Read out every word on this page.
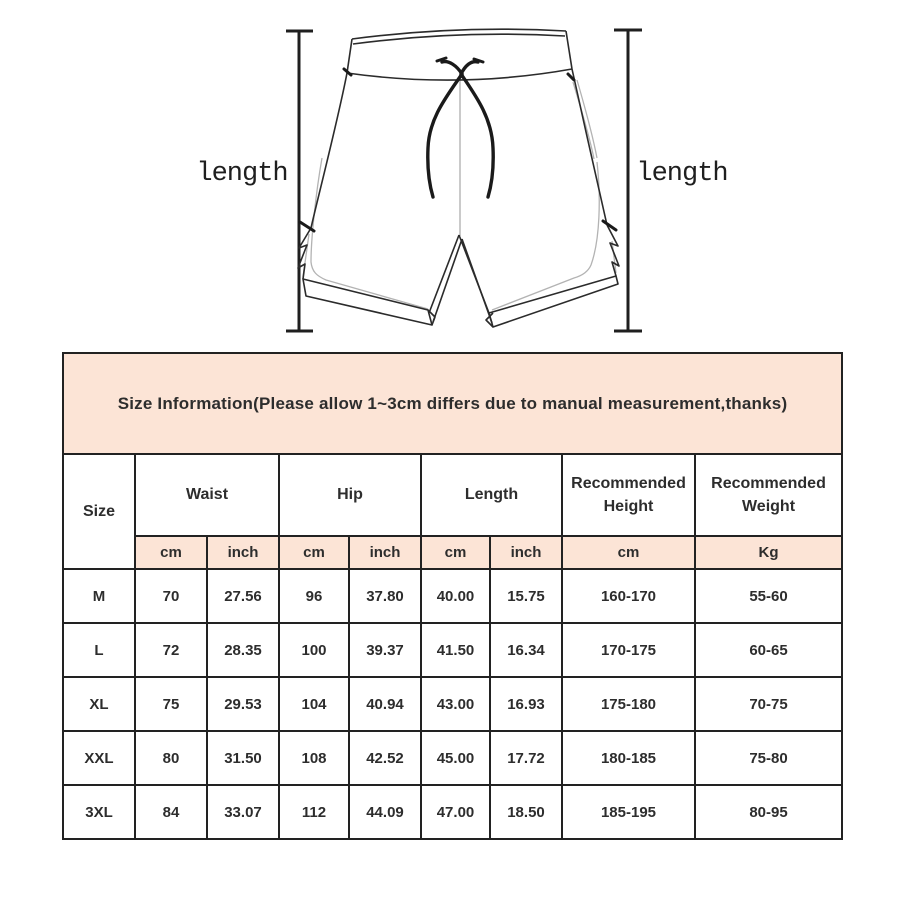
length	length
Size Information(Please allow 1~3cm differs due to manual measurement,thanks)								
Size	Waist		Hip		Length		Recommended Height	Recommended Weight
	cm	inch	cm	inch	cm	inch	cm	Kg
M	70	27.56	96	37.80	40.00	15.75	160-170	55-60
L	72	28.35	100	39.37	41.50	16.34	170-175	60-65
XL	75	29.53	104	40.94	43.00	16.93	175-180	70-75
XXL	80	31.50	108	42.52	45.00	17.72	180-185	75-80
3XL	84	33.07	112	44.09	47.00	18.50	185-195	80-95
